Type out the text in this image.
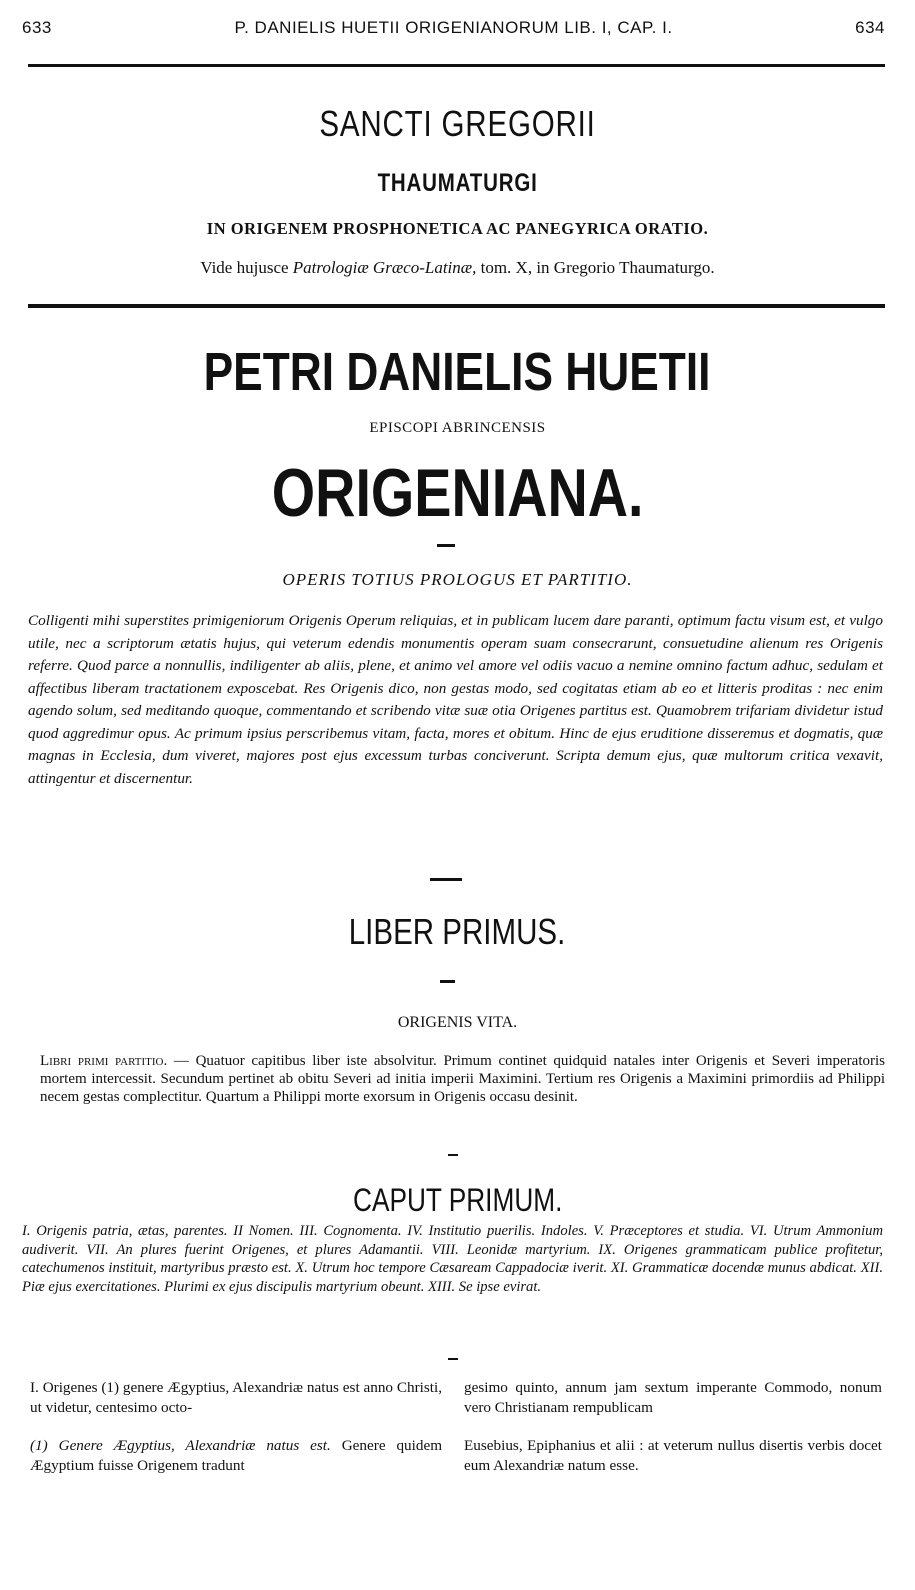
633	P. DANIELIS HUETII ORIGENIANORUM LIB. I, CAP. I.	634
SANCTI GREGORII
THAUMATURGI
IN ORIGENEM PROSPHONETICA AC PANEGYRICA ORATIO.
Vide hujusce Patrologiæ Græco-Latinæ, tom. X, in Gregorio Thaumaturgo.
PETRI DANIELIS HUETII
EPISCOPI ABRINCENSIS
ORIGENIANA.
OPERIS TOTIUS PROLOGUS ET PARTITIO.
Colligenti mihi superstites primigeniorum Origenis Operum reliquias, et in publicam lucem dare paranti, optimum factu visum est, et vulgo utile, nec a scriptorum ætatis hujus, qui veterum edendis monumentis operam suam consecrarunt, consuetudine alienum res Origenis referre. Quod parce a nonnullis, indiligenter ab aliis, plene, et animo vel amore vel odiis vacuo a nemine omnino factum adhuc, sedulam et affectibus liberam tractationem exposcebat. Res Origenis dico, non gestas modo, sed cogitatas etiam ab eo et litteris proditas : nec enim agendo solum, sed meditando quoque, commentando et scribendo vitæ suæ otia Origenes partitus est. Quamobrem trifariam dividetur istud quod aggredimur opus. Ac primum ipsius perscribemus vitam, facta, mores et obitum. Hinc de ejus eruditione disseremus et dogmatis, quæ magnas in Ecclesia, dum viveret, majores post ejus excessum turbas conciverunt. Scripta demum ejus, quæ multorum critica vexavit, attingentur et discernentur.
LIBER PRIMUS.
ORIGENIS VITA.
Libri primi partitio. — Quatuor capitibus liber iste absolvitur. Primum continet quidquid natales inter Origenis et Severi imperatoris mortem intercessit. Secundum pertinet ab obitu Severi ad initia imperii Maximini. Tertium res Origenis a Maximini primordiis ad Philippi necem gestas complectitur. Quartum a Philippi morte exorsum in Origenis occasu desinit.
CAPUT PRIMUM.
I. Origenis patria, ætas, parentes. II Nomen. III. Cognomenta. IV. Institutio puerilis. Indoles. V. Præceptores et studia. VI. Utrum Ammonium audiverit. VII. An plures fuerint Origenes, et plures Adamantii. VIII. Leonidæ martyrium. IX. Origenes grammaticam publice profitetur, catechumenos instituit, martyribus præsto est. X. Utrum hoc tempore Cæsaream Cappadociæ iverit. XI. Grammaticæ docendæ munus abdicat. XII. Piæ ejus exercitationes. Plurimi ex ejus discipulis martyrium obeunt. XIII. Se ipse evirat.
I. Origenes (1) genere Ægyptius, Alexandriæ natus est anno Christi, ut videtur, centesimo octo-
gesimo quinto, annum jam sextum imperante Commodo, nonum vero Christianam rempublicam
(1) Genere Ægyptius, Alexandriæ natus est. Genere quidem Ægyptium fuisse Origenem tradunt
Eusebius, Epiphanius et alii : at veterum nullus disertis verbis docet eum Alexandriæ natum esse.
